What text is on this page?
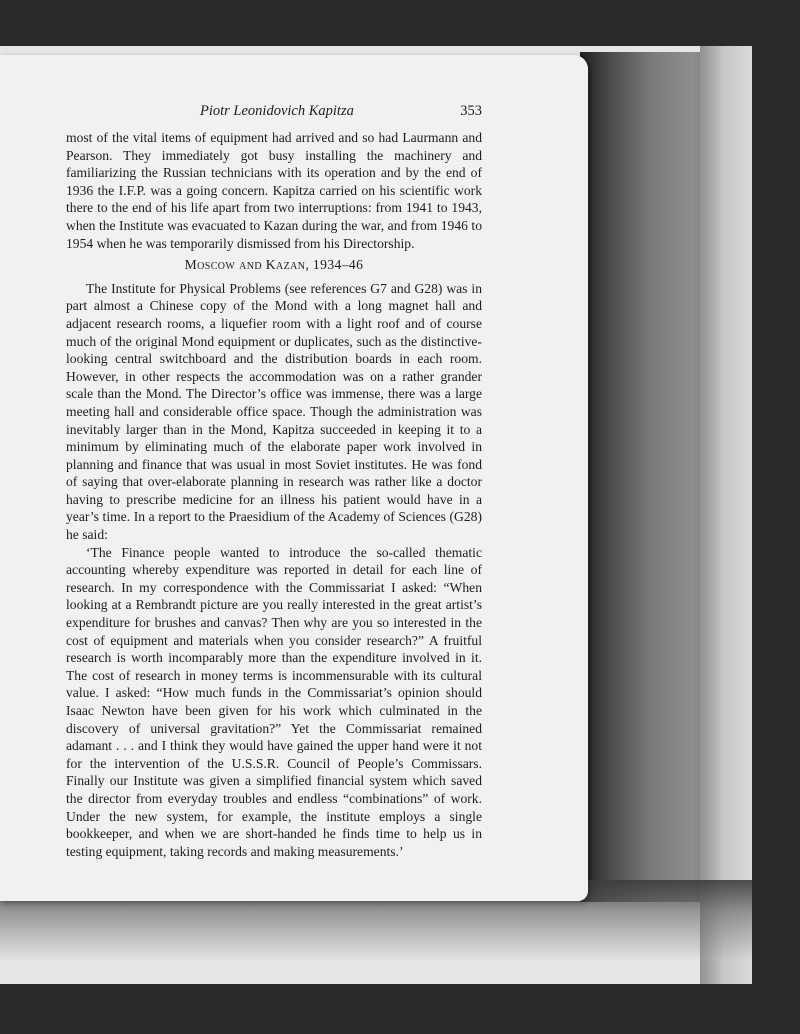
Piotr Leonidovich Kapitza	353

most of the vital items of equipment had arrived and so had Laurmann and Pearson. They immediately got busy installing the machinery and familiarizing the Russian technicians with its operation and by the end of 1936 the I.F.P. was a going concern. Kapitza carried on his scientific work there to the end of his life apart from two interruptions: from 1941 to 1943, when the Institute was evacuated to Kazan during the war, and from 1946 to 1954 when he was temporarily dismissed from his Directorship.

Moscow and Kazan, 1934–46

The Institute for Physical Problems (see references G7 and G28) was in part almost a Chinese copy of the Mond with a long magnet hall and adjacent research rooms, a liquefier room with a light roof and of course much of the original Mond equipment or duplicates, such as the distinctive-looking central switchboard and the distribution boards in each room. However, in other respects the accommodation was on a rather grander scale than the Mond. The Director’s office was immense, there was a large meeting hall and considerable office space. Though the administration was inevitably larger than in the Mond, Kapitza succeeded in keeping it to a minimum by eliminating much of the elaborate paper work involved in planning and finance that was usual in most Soviet institutes. He was fond of saying that over-elaborate planning in research was rather like a doctor having to prescribe medicine for an illness his patient would have in a year’s time. In a report to the Praesidium of the Academy of Sciences (G28) he said:

‘The Finance people wanted to introduce the so-called thematic accounting whereby expenditure was reported in detail for each line of research. In my correspondence with the Commissariat I asked: “When looking at a Rembrandt picture are you really interested in the great artist’s expenditure for brushes and canvas? Then why are you so interested in the cost of equipment and materials when you consider research?” A fruitful research is worth incomparably more than the expenditure involved in it. The cost of research in money terms is incommensurable with its cultural value. I asked: “How much funds in the Commissariat’s opinion should Isaac Newton have been given for his work which culminated in the discovery of universal gravitation?” Yet the Commissariat remained adamant . . . and I think they would have gained the upper hand were it not for the intervention of the U.S.S.R. Council of People’s Commissars. Finally our Institute was given a simplified financial system which saved the director from everyday troubles and endless “combinations” of work. Under the new system, for example, the institute employs a single bookkeeper, and when we are short-handed he finds time to help us in testing equipment, taking records and making measurements.’
